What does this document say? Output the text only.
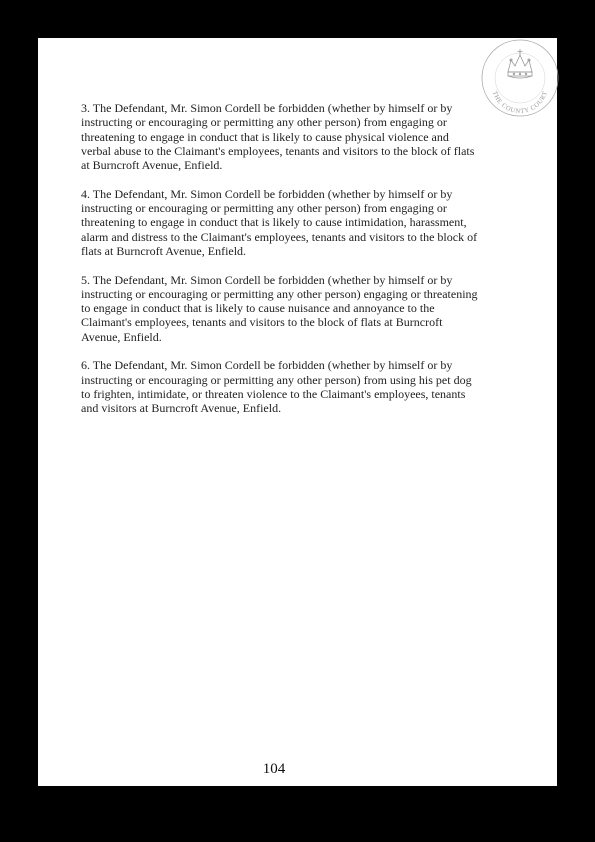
THE COUNTY COURT

3. The Defendant, Mr. Simon Cordell be forbidden (whether by himself or by
instructing or encouraging or permitting any other person) from engaging or
threatening to engage in conduct that is likely to cause physical violence and
verbal abuse to the Claimant's employees, tenants and visitors to the block of flats
at Burncroft Avenue, Enfield.

4. The Defendant, Mr. Simon Cordell be forbidden (whether by himself or by
instructing or encouraging or permitting any other person) from engaging or
threatening to engage in conduct that is likely to cause intimidation, harassment,
alarm and distress to the Claimant's employees, tenants and visitors to the block of
flats at Burncroft Avenue, Enfield.

5. The Defendant, Mr. Simon Cordell be forbidden (whether by himself or by
instructing or encouraging or permitting any other person) engaging or threatening
to engage in conduct that is likely to cause nuisance and annoyance to the
Claimant's employees, tenants and visitors to the block of flats at Burncroft
Avenue, Enfield.

6. The Defendant, Mr. Simon Cordell be forbidden (whether by himself or by
instructing or encouraging or permitting any other person) from using his pet dog
to frighten, intimidate, or threaten violence to the Claimant's employees, tenants
and visitors at Burncroft Avenue, Enfield.

104
